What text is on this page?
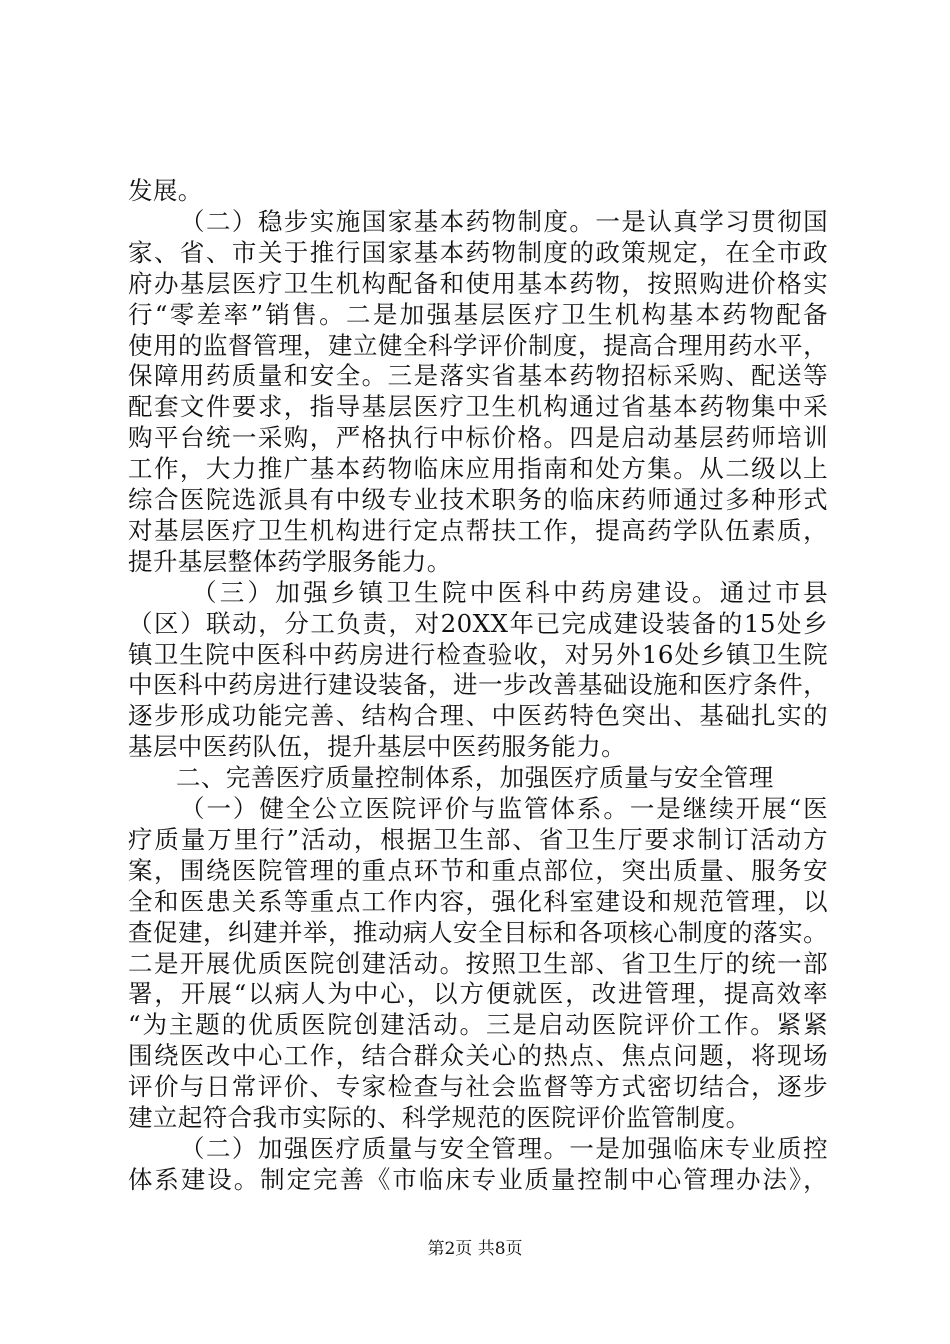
发展。
（二）稳步实施国家基本药物制度。一是认真学习贯彻国
家、省、市关于推行国家基本药物制度的政策规定，在全市政
府办基层医疗卫生机构配备和使用基本药物，按照购进价格实
行“零差率”销售。二是加强基层医疗卫生机构基本药物配备
使用的监督管理，建立健全科学评价制度，提高合理用药水平，
保障用药质量和安全。三是落实省基本药物招标采购、配送等
配套文件要求，指导基层医疗卫生机构通过省基本药物集中采
购平台统一采购，严格执行中标价格。四是启动基层药师培训
工作，大力推广基本药物临床应用指南和处方集。从二级以上
综合医院选派具有中级专业技术职务的临床药师通过多种形式
对基层医疗卫生机构进行定点帮扶工作，提高药学队伍素质，
提升基层整体药学服务能力。
（三）加强乡镇卫生院中医科中药房建设。通过市县
（区）联动，分工负责，对20XX年已完成建设装备的15处乡
镇卫生院中医科中药房进行检查验收，对另外16处乡镇卫生院
中医科中药房进行建设装备，进一步改善基础设施和医疗条件，
逐步形成功能完善、结构合理、中医药特色突出、基础扎实的
基层中医药队伍，提升基层中医药服务能力。
二、完善医疗质量控制体系，加强医疗质量与安全管理
（一）健全公立医院评价与监管体系。一是继续开展“医
疗质量万里行”活动，根据卫生部、省卫生厅要求制订活动方
案，围绕医院管理的重点环节和重点部位，突出质量、服务安
全和医患关系等重点工作内容，强化科室建设和规范管理，以
查促建，纠建并举，推动病人安全目标和各项核心制度的落实。
二是开展优质医院创建活动。按照卫生部、省卫生厅的统一部
署，开展“以病人为中心，以方便就医，改进管理，提高效率
“为主题的优质医院创建活动。三是启动医院评价工作。紧紧
围绕医改中心工作，结合群众关心的热点、焦点问题，将现场
评价与日常评价、专家检查与社会监督等方式密切结合，逐步
建立起符合我市实际的、科学规范的医院评价监管制度。
（二）加强医疗质量与安全管理。一是加强临床专业质控
体系建设。制定完善《市临床专业质量控制中心管理办法》，
第2页 共8页
